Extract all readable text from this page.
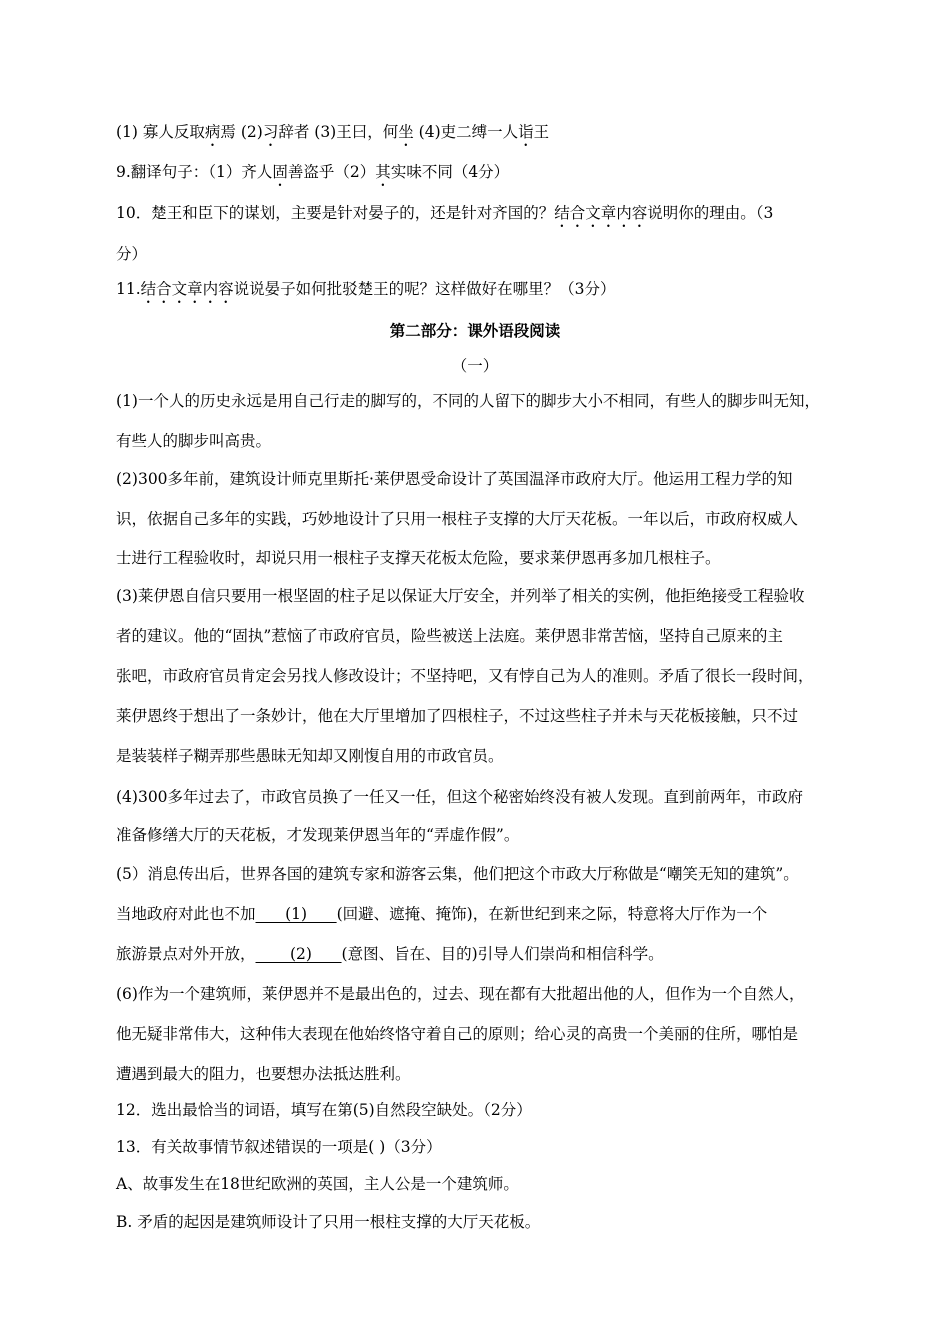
(1) 寡人反取病焉 (2)习辞者 (3)王曰，何坐 (4)吏二缚一人诣王
9.翻译句子：（1）齐人固善盗乎（2）其实味不同（4分）
10．楚王和臣下的谋划，主要是针对晏子的，还是针对齐国的？结合文章内容说明你的理由。（3
分）
11.结合文章内容说说晏子如何批驳楚王的呢？这样做好在哪里？（3分）
第二部分：课外语段阅读
（一）
(1)一个人的历史永远是用自己行走的脚写的，不同的人留下的脚步大小不相同，有些人的脚步叫无知，
有些人的脚步叫高贵。
(2)300多年前，建筑设计师克里斯托·莱伊恩受命设计了英国温泽市政府大厅。他运用工程力学的知
识，依据自己多年的实践，巧妙地设计了只用一根柱子支撑的大厅天花板。一年以后，市政府权威人
士进行工程验收时，却说只用一根柱子支撑天花板太危险，要求莱伊恩再多加几根柱子。
(3)莱伊恩自信只要用一根坚固的柱子足以保证大厅安全，并列举了相关的实例，他拒绝接受工程验收
者的建议。他的“固执”惹恼了市政府官员，险些被送上法庭。莱伊恩非常苦恼，坚持自己原来的主
张吧，市政府官员肯定会另找人修改设计；不坚持吧，又有悖自己为人的准则。矛盾了很长一段时间，
莱伊恩终于想出了一条妙计，他在大厅里增加了四根柱子，不过这些柱子并未与天花板接触，只不过
是装装样子糊弄那些愚昧无知却又刚愎自用的市政官员。
(4)300多年过去了，市政官员换了一任又一任，但这个秘密始终没有被人发现。直到前两年，市政府
准备修缮大厅的天花板，才发现莱伊恩当年的“弄虚作假”。
(5）消息传出后，世界各国的建筑专家和游客云集，他们把这个市政大厅称做是“嘲笑无知的建筑”。
当地政府对此也不加      (1)      (回避、遮掩、掩饰)，在新世纪到来之际，特意将大厅作为一个
旅游景点对外开放，       (2)      (意图、旨在、目的)引导人们崇尚和相信科学。
(6)作为一个建筑师，莱伊恩并不是最出色的，过去、现在都有大批超出他的人，但作为一个自然人，
他无疑非常伟大，这种伟大表现在他始终恪守着自己的原则；给心灵的高贵一个美丽的住所，哪怕是
遭遇到最大的阻力，也要想办法抵达胜利。
12．选出最恰当的词语，填写在第(5)自然段空缺处。（2分）
13．有关故事情节叙述错误的一项是( )（3分）
A、故事发生在18世纪欧洲的英国，主人公是一个建筑师。
B. 矛盾的起因是建筑师设计了只用一根柱支撑的大厅天花板。
